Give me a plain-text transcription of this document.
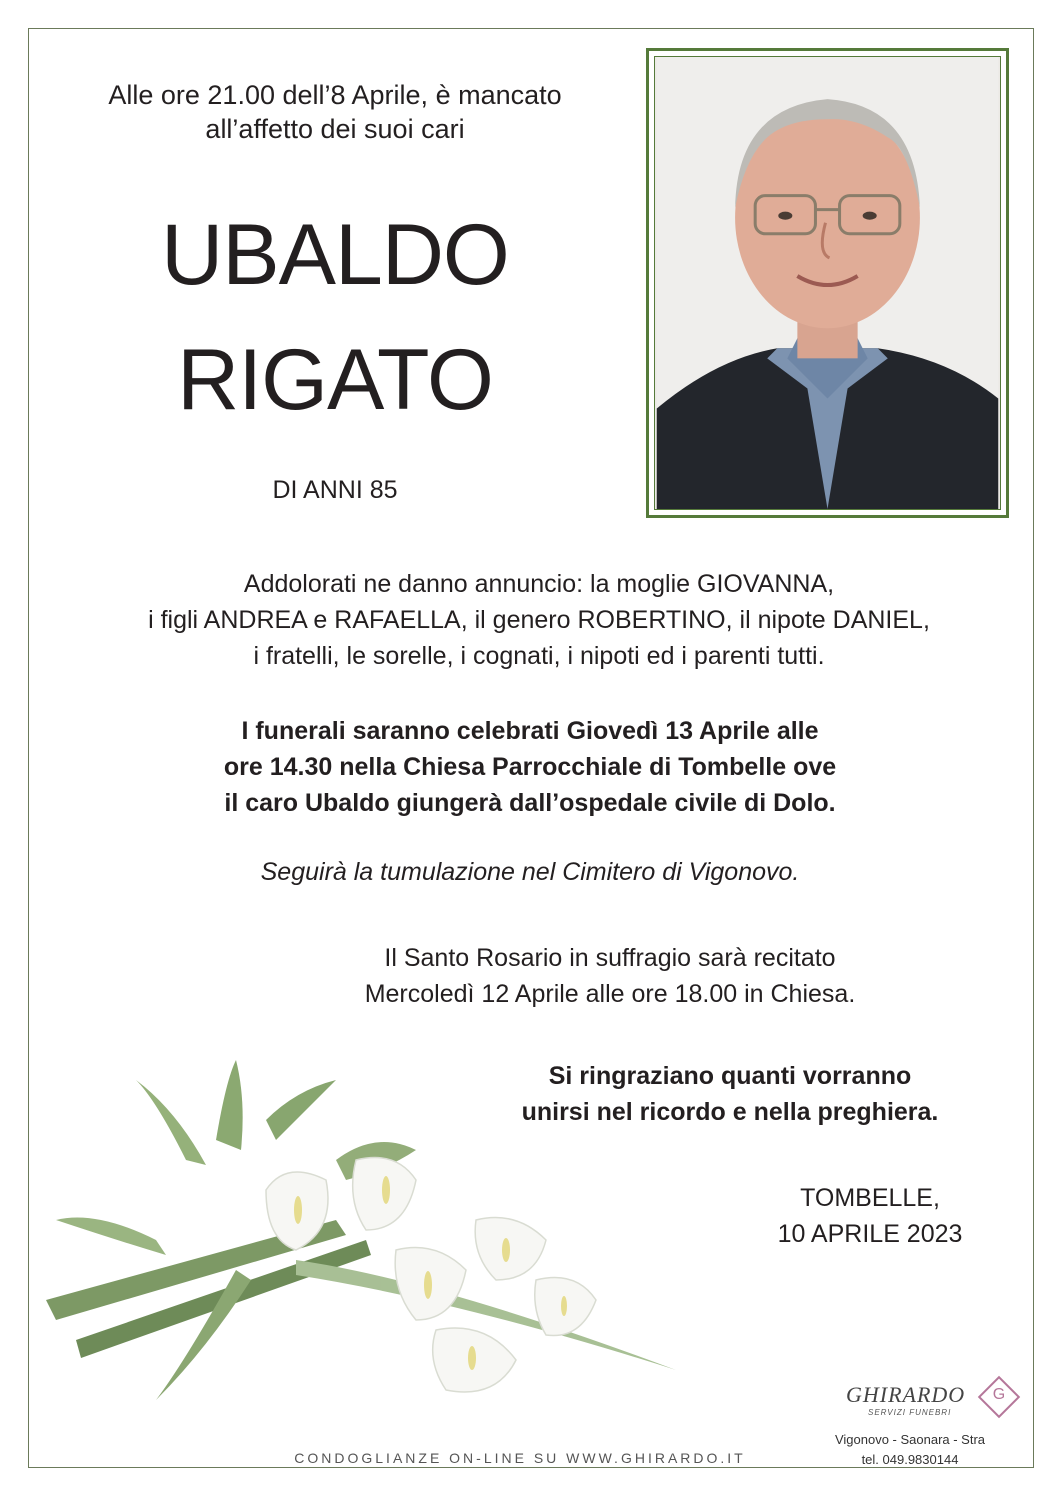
Alle ore 21.00 dell’8 Aprile, è mancato
all’affetto dei suoi cari

UBALDO
RIGATO

DI ANNI 85

Addolorati ne danno annuncio: la moglie GIOVANNA,
i figli ANDREA e RAFAELLA, il genero ROBERTINO, il nipote DANIEL,
i fratelli, le sorelle, i cognati, i nipoti ed i parenti tutti.

I funerali saranno celebrati Giovedì 13 Aprile alle
ore 14.30 nella Chiesa Parrocchiale di Tombelle ove
il caro Ubaldo giungerà dall’ospedale civile di Dolo.

Seguirà la tumulazione nel Cimitero di Vigonovo.

Il Santo Rosario in suffragio sarà recitato
Mercoledì 12 Aprile alle ore 18.00 in Chiesa.

Si ringraziano quanti vorranno
unirsi nel ricordo e nella preghiera.

TOMBELLE,
10 APRILE 2023

GHIRARDO
SERVIZI FUNEBRI
G

Vigonovo - Saonara - Stra

tel. 049.9830144

CONDOGLIANZE ON-LINE SU WWW.GHIRARDO.IT
